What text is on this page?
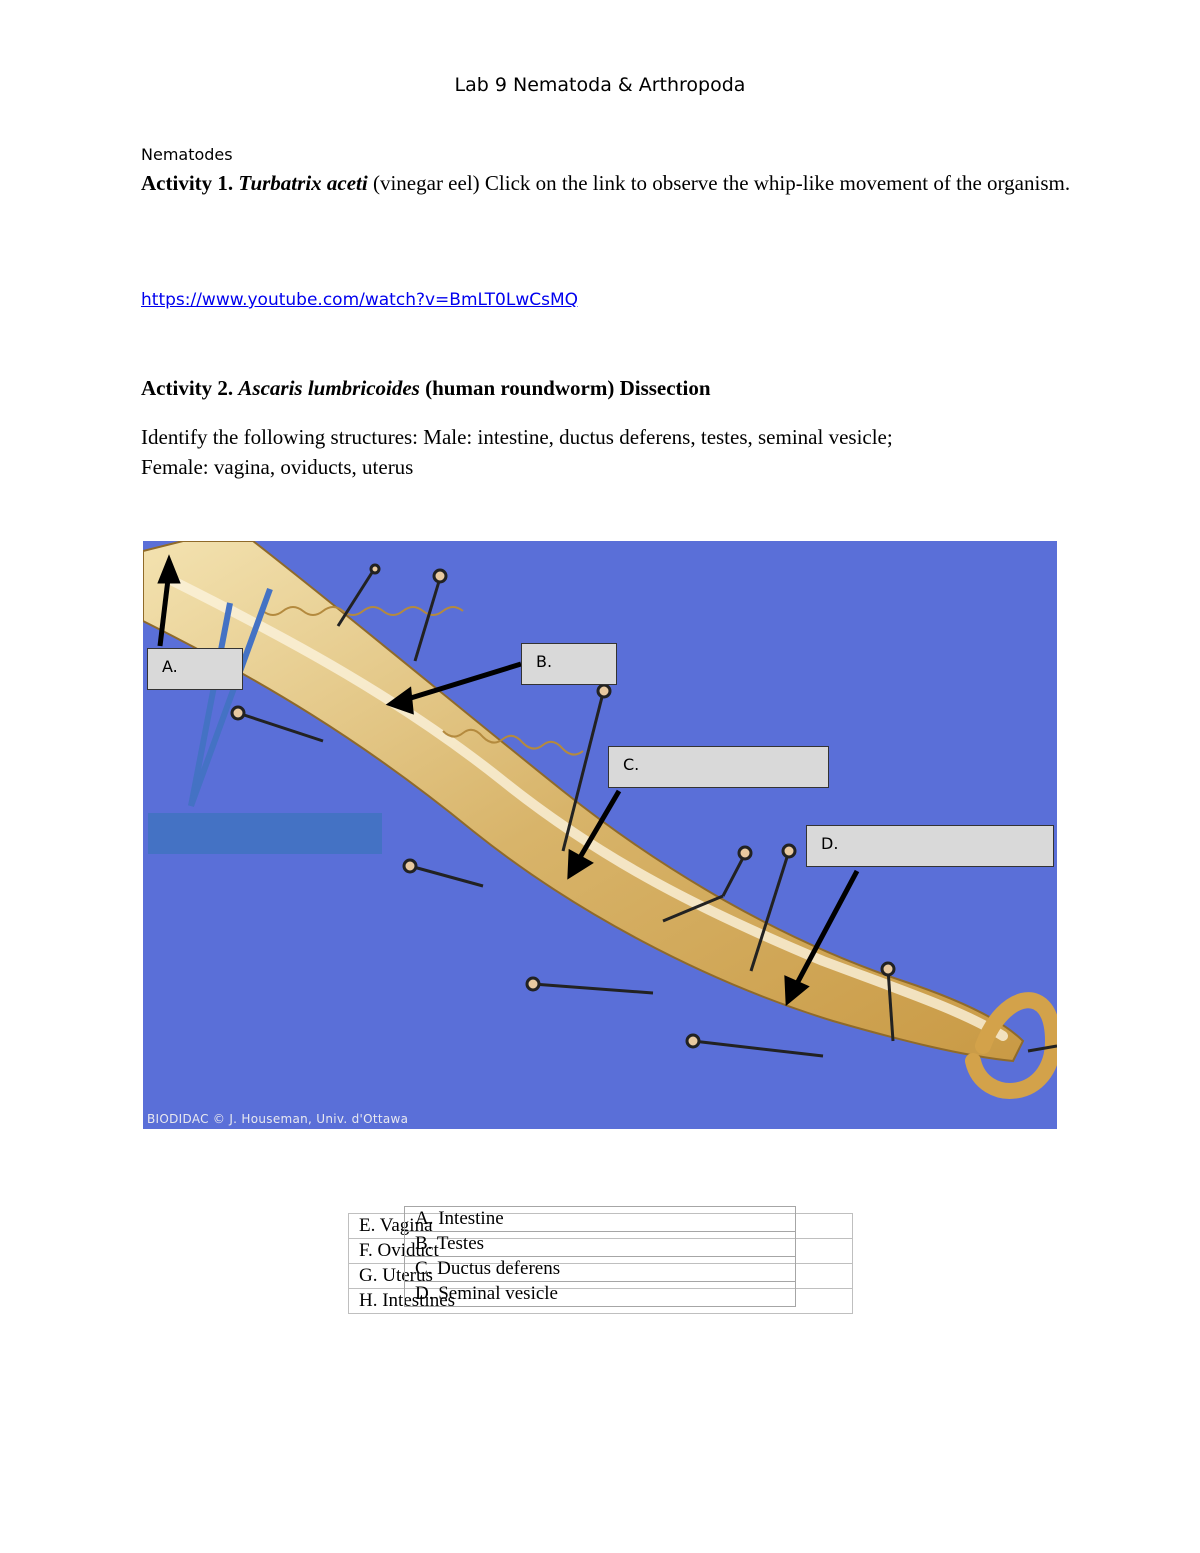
Lab 9 Nematoda & Arthropoda
Nematodes
Activity 1. Turbatrix aceti (vinegar eel) Click on the link to observe the whip-like movement of the organism.
https://www.youtube.com/watch?v=BmLT0LwCsMQ
Activity 2. Ascaris lumbricoides (human roundworm) Dissection
Identify the following structures: Male: intestine, ductus deferens, testes, seminal vesicle;
Female: vagina, oviducts, uterus
A.	B.
C.
D.
BIODIDAC © J. Houseman, Univ. d'Ottawa
E. Vagina
F. Oviduct
G. Uterus
H. Intestines
A. Intestine
B. Testes
C. Ductus deferens
D. Seminal vesicle
